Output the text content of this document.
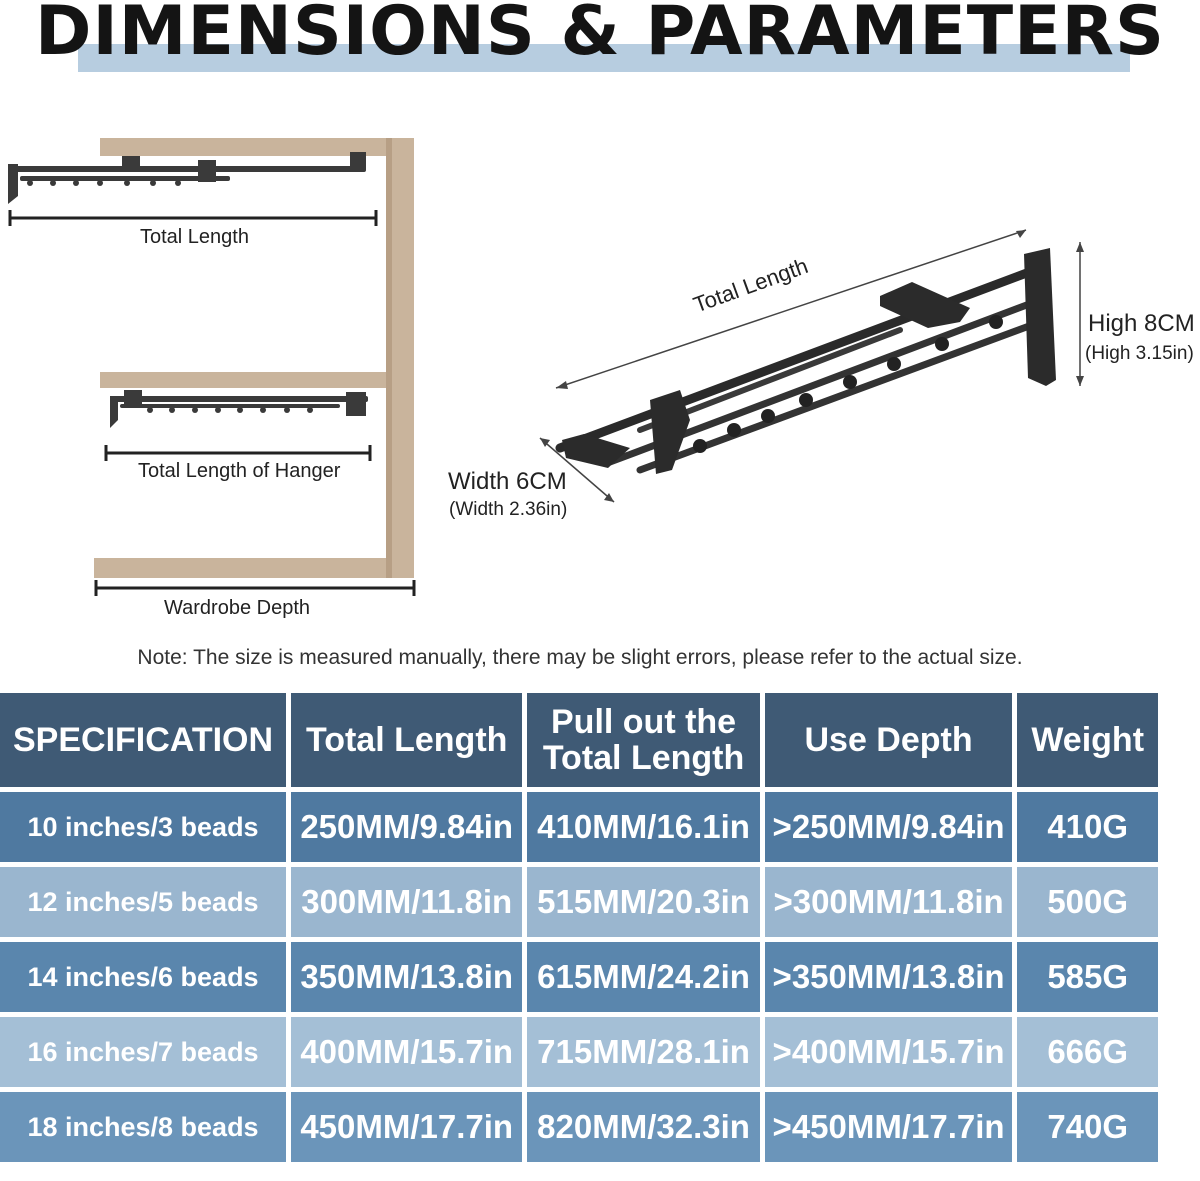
DIMENSIONS & PARAMETERS
Total Length
Total Length of Hanger
Wardrobe Depth
Total Length
High 8CM
(High 3.15in)
Width 6CM
(Width 2.36in)
Note: The size is measured manually, there may be slight errors, please refer to the actual size.
SPECIFICATION	Total Length	Pull out the Total Length	Use Depth	Weight
10 inches/3 beads	250MM/9.84in	410MM/16.1in	>250MM/9.84in	410G
12 inches/5 beads	300MM/11.8in	515MM/20.3in	>300MM/11.8in	500G
14 inches/6 beads	350MM/13.8in	615MM/24.2in	>350MM/13.8in	585G
16 inches/7 beads	400MM/15.7in	715MM/28.1in	>400MM/15.7in	666G
18 inches/8 beads	450MM/17.7in	820MM/32.3in	>450MM/17.7in	740G
